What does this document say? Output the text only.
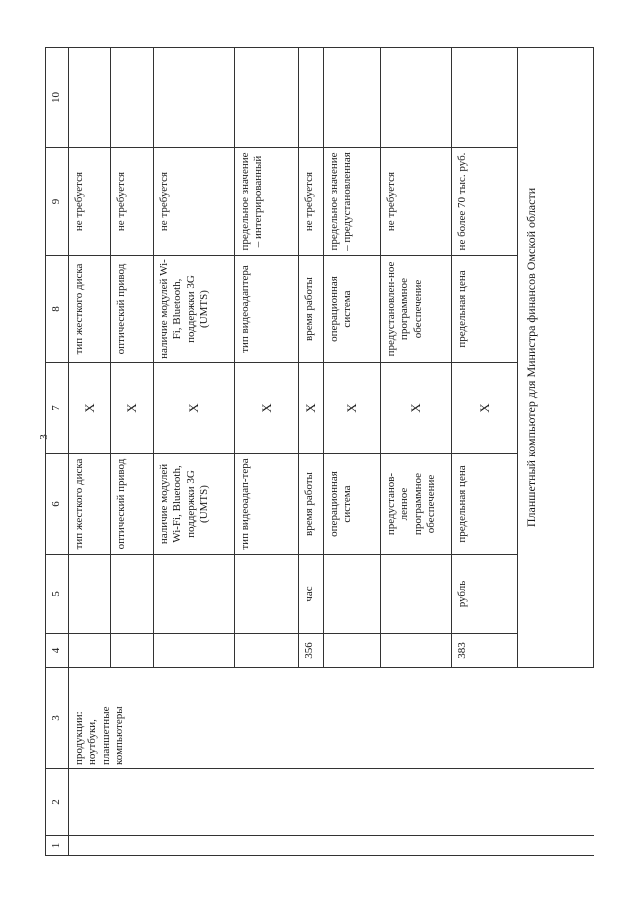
3
1	2	3	4	5	6	7	8	9	10
		продукции: ноутбуки, планшетные компьютеры			тип жесткого диска	X	тип жесткого диска	не требуется	
					оптический привод	X	оптический привод	не требуется	
					наличие модулей Wi-Fi, Bluetooth, поддержки 3G (UMTS)	X	наличие модулей Wi-Fi, Bluetooth, поддержки 3G (UMTS)	не требуется	
					тип видеоадап-тера	X	тип видеоадаптера	предельное значение – интегрированный	
			356	час	время работы	X	время работы	не требуется	
					операционная система	X	операционная система	предельное значение – предустановленная	
					предустанов-ленное программное обеспечение	X	предустановлен-ное программное обеспечение	не требуется	
			383	рубль	предельная цена	X	предельная цена	не более 70 тыс. руб.	
			Планшетный компьютер для Министра финансов Омской области						
